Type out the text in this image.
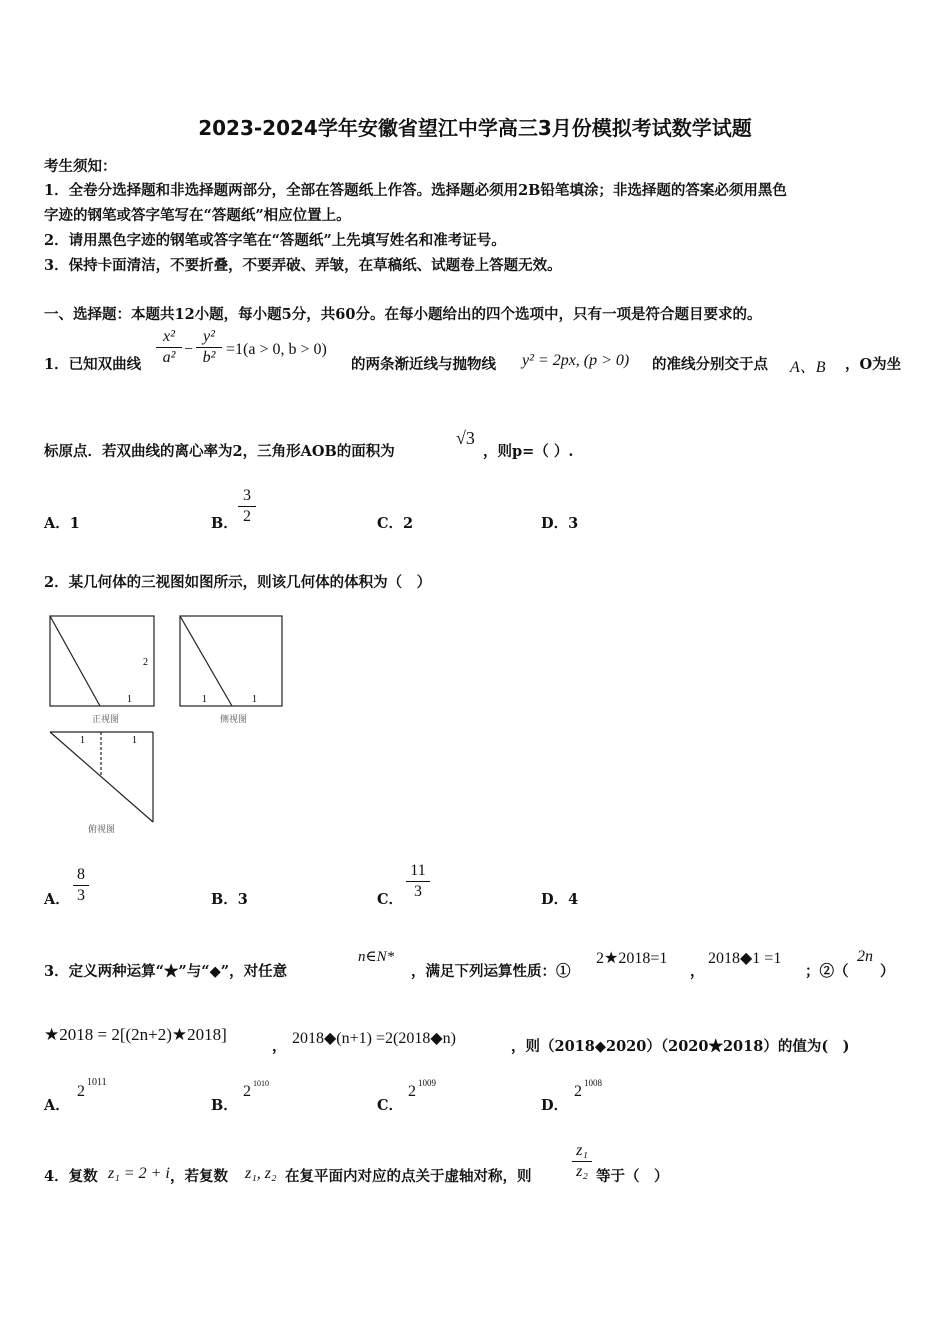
2023-2024学年安徽省望江中学高三3月份模拟考试数学试题
考生须知：
1．全卷分选择题和非选择题两部分，全部在答题纸上作答。选择题必须用2B铅笔填涂；非选择题的答案必须用黑色
字迹的钢笔或答字笔写在“答题纸”相应位置上。
2．请用黑色字迹的钢笔或答字笔在“答题纸”上先填写姓名和准考证号。
3．保持卡面清洁，不要折叠，不要弄破、弄皱，在草稿纸、试题卷上答题无效。
一、选择题：本题共12小题，每小题5分，共60分。在每小题给出的四个选项中，只有一项是符合题目要求的。
1．已知双曲线
x²
a² −
y²
b² =1(a > 0, b > 0)
的两条渐近线与抛物线 y² = 2px, (p > 0) 的准线分别交于点 A、B ，O为坐
标原点．若双曲线的离心率为2，三角形AOB的面积为
√3
，则p=（ ）.
A．1	B．
3
2	C．2	D．3
2．某几何体的三视图如图所示，则该几何体的体积为（　）
2
1	1	1
1	1
正视图	侧视图
俯视图
A．
8
3	B．3	C．
11
3	D．4
3．定义两种运算“★”与“◆”，对任意
n∈N*
，满足下列运算性质：①
2★2018=1
，
2018◆1 =1
；②（
2n
）
★2018 = 2[(2n+2)★2018]
， 2018◆(n+1) =2(2018◆n)	，则（2018◆2020）（2020★2018）的值为(　)
A．
2
1011
B．
2 1010
C．
2 1009
D．
2 1008
4．复数 z₁ = 2 + i ，若复数 z₁, z₂ 在复平面内对应的点关于虚轴对称，则
z₁
z₂ 等于（　）
